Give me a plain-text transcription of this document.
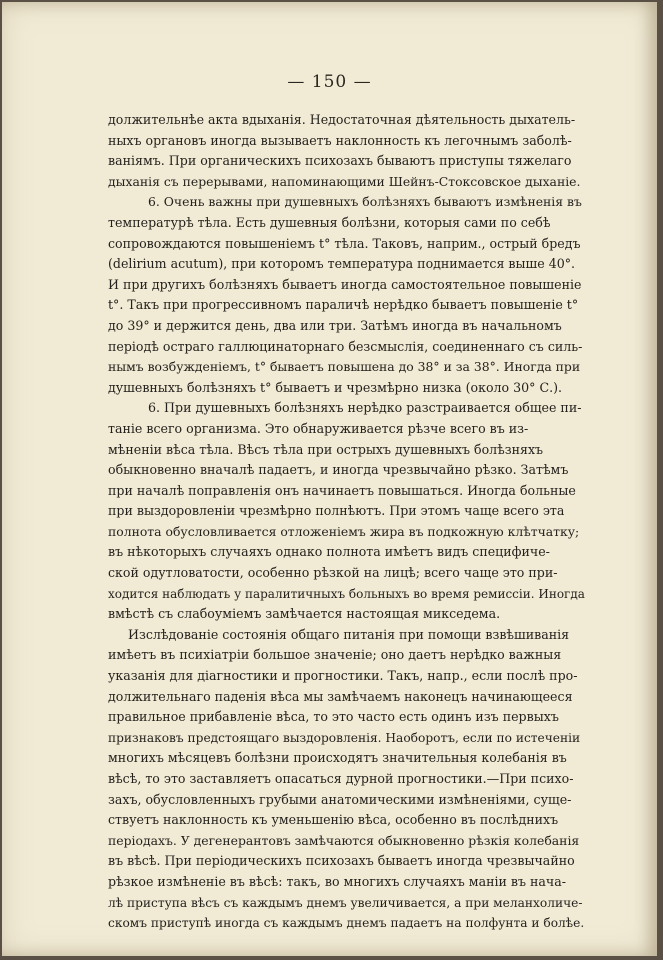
— 150 —
должительнѣе акта вдыханія. Недостаточная дѣятельность дыхатель-
ныхъ органовъ иногда вызываетъ наклонность къ легочнымъ заболѣ-
ваніямъ. При органическихъ психозахъ бываютъ приступы тяжелаго
дыханія съ перерывами, напоминающими Шейнъ-Стоксовское дыханіе.
6. Очень важны при душевныхъ болѣзняхъ бываютъ измѣненія въ
температурѣ тѣла. Есть душевныя болѣзни, которыя сами по себѣ
сопровождаются повышеніемъ t° тѣла. Таковъ, наприм., острый бредъ
(delirium acutum), при которомъ температура поднимается выше 40°.
И при другихъ болѣзняхъ бываетъ иногда самостоятельное повышеніе
t°. Такъ при прогрессивномъ параличѣ нерѣдко бываетъ повышеніе t°
до 39° и держится день, два или три. Затѣмъ иногда въ начальномъ
періодѣ остраго галлюцинаторнаго безсмыслія, соединеннаго съ силь-
нымъ возбужденіемъ, t° бываетъ повышена до 38° и за 38°. Иногда при
душевныхъ болѣзняхъ t° бываетъ и чрезмѣрно низка (около 30° С.).
6. При душевныхъ болѣзняхъ нерѣдко разстраивается общее пи-
таніе всего организма. Это обнаруживается рѣзче всего въ из-
мѣненіи вѣса тѣла. Вѣсъ тѣла при острыхъ душевныхъ болѣзняхъ
обыкновенно вначалѣ падаетъ, и иногда чрезвычайно рѣзко. Затѣмъ
при началѣ поправленія онъ начинаетъ повышаться. Иногда больные
при выздоровленіи чрезмѣрно полнѣютъ. При этомъ чаще всего эта
полнота обусловливается отложеніемъ жира въ подкожную клѣтчатку;
въ нѣкоторыхъ случаяхъ однако полнота имѣетъ видъ специфиче-
ской одутловатости, особенно рѣзкой на лицѣ; всего чаще это при-
ходится наблюдать у паралитичныхъ больныхъ во время ремиссіи. Иногда
вмѣстѣ съ слабоуміемъ замѣчается настоящая микседема.
Изслѣдованіе состоянія общаго питанія при помощи взвѣшиванія
имѣетъ въ психіатріи большое значеніе; оно даетъ нерѣдко важныя
указанія для діагностики и прогностики. Такъ, напр., если послѣ про-
должительнаго паденія вѣса мы замѣчаемъ наконецъ начинающееся
правильное прибавленіе вѣса, то это часто есть одинъ изъ первыхъ
признаковъ предстоящаго выздоровленія. Наоборотъ, если по истеченіи
многихъ мѣсяцевъ болѣзни происходятъ значительныя колебанія въ
вѣсѣ, то это заставляетъ опасаться дурной прогностики.—При психо-
захъ, обусловленныхъ грубыми анатомическими измѣненіями, суще-
ствуетъ наклонность къ уменьшенію вѣса, особенно въ послѣднихъ
періодахъ. У дегенерантовъ замѣчаются обыкновенно рѣзкія колебанія
въ вѣсѣ. При періодическихъ психозахъ бываетъ иногда чрезвычайно
рѣзкое измѣненіе въ вѣсѣ: такъ, во многихъ случаяхъ маніи въ нача-
лѣ приступа вѣсъ съ каждымъ днемъ увеличивается, а при меланхоличе-
скомъ приступѣ иногда съ каждымъ днемъ падаетъ на полфунта и болѣе.
